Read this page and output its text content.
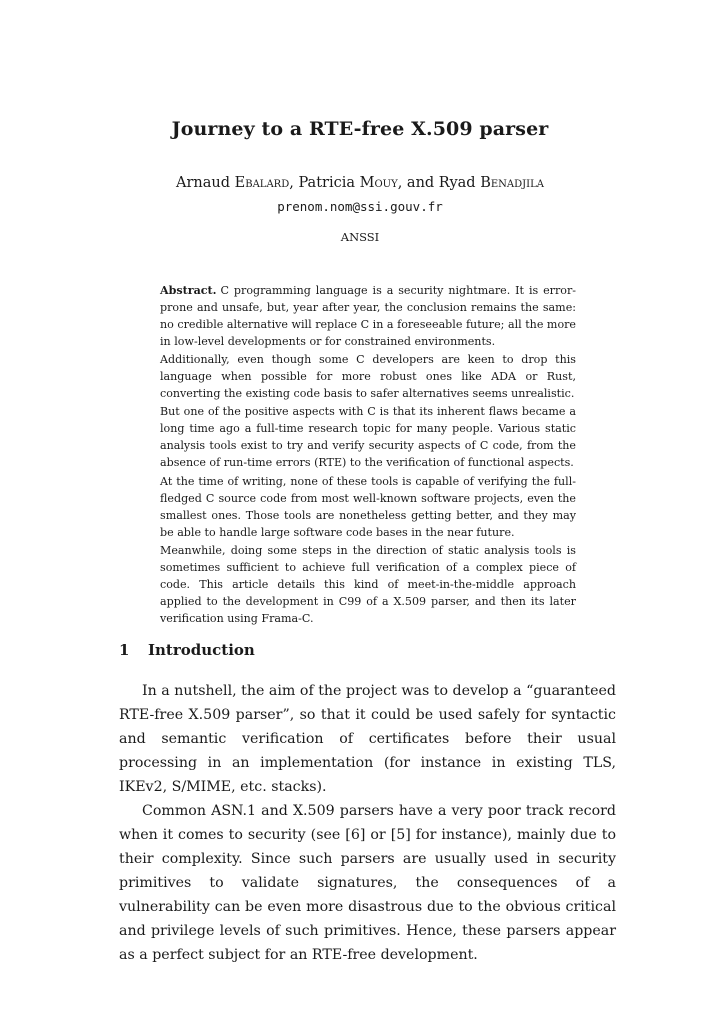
Journey to a RTE-free X.509 parser
Arnaud Ebalard, Patricia Mouy, and Ryad Benadjila
prenom.nom@ssi.gouv.fr
ANSSI

Abstract. C programming language is a security nightmare. It is error-prone and unsafe, but, year after year, the conclusion remains the same: no credible alternative will replace C in a foreseeable future; all the more in low-level developments or for constrained environments.

Additionally, even though some C developers are keen to drop this language when possible for more robust ones like ADA or Rust, converting the existing code basis to safer alternatives seems unrealistic.

But one of the positive aspects with C is that its inherent flaws became a long time ago a full-time research topic for many people. Various static analysis tools exist to try and verify security aspects of C code, from the absence of run-time errors (RTE) to the verification of functional aspects.

At the time of writing, none of these tools is capable of verifying the full-fledged C source code from most well-known software projects, even the smallest ones. Those tools are nonetheless getting better, and they may be able to handle large software code bases in the near future.

Meanwhile, doing some steps in the direction of static analysis tools is sometimes sufficient to achieve full verification of a complex piece of code. This article details this kind of meet-in-the-middle approach applied to the development in C99 of a X.509 parser, and then its later verification using Frama-C.

1 Introduction

In a nutshell, the aim of the project was to develop a “guaranteed RTE-free X.509 parser”, so that it could be used safely for syntactic and semantic verification of certificates before their usual processing in an implementation (for instance in existing TLS, IKEv2, S/MIME, etc. stacks).

Common ASN.1 and X.509 parsers have a very poor track record when it comes to security (see [6] or [5] for instance), mainly due to their complexity. Since such parsers are usually used in security primitives to validate signatures, the consequences of a vulnerability can be even more disastrous due to the obvious critical and privilege levels of such primitives. Hence, these parsers appear as a perfect subject for an RTE-free development.
